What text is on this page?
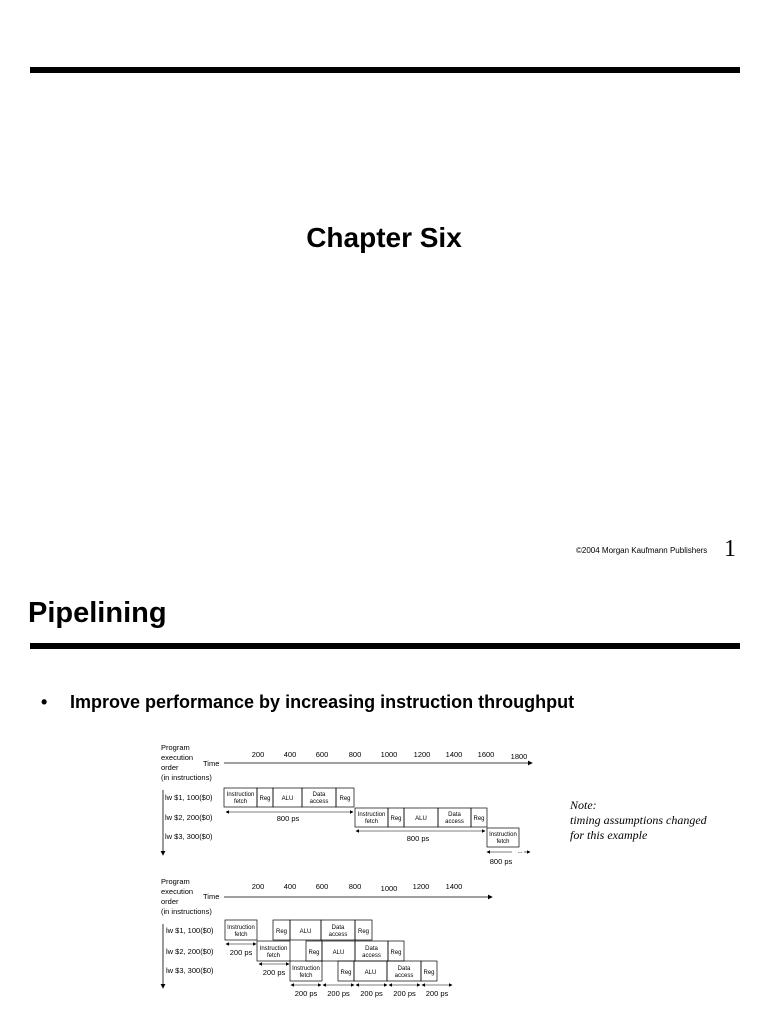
Chapter Six
©2004 Morgan Kaufmann Publishers 1
Pipelining
• Improve performance by increasing instruction throughput
Note:
timing assumptions changed
for this example
Program
execution
order
(in instructions)
Time
200	400	600	800	1000 1200 1400 1600 1800
lw $1, 100($0)
lw $2, 200($0)
lw $3, 300($0)
Instruction
fetch Reg ALU
Data
access Reg
Instruction
fetch Reg ALU
Data
access Reg
Instruction
fetch
800 ps
800 ps
...
800 ps
Program
execution
order
(in instructions)
Time
200	400	600	800	1000 1200 1400
lw $1, 100($0)
lw $2, 200($0)
lw $3, 300($0)
Instruction
fetch	Reg ALU
Data
access Reg
Instruction
fetch	Reg ALU
Data
access Reg
Instruction
fetch	Reg ALU
Data
access Reg
200 ps
200 ps
200 ps 200 ps 200 ps 200 ps 200 ps
